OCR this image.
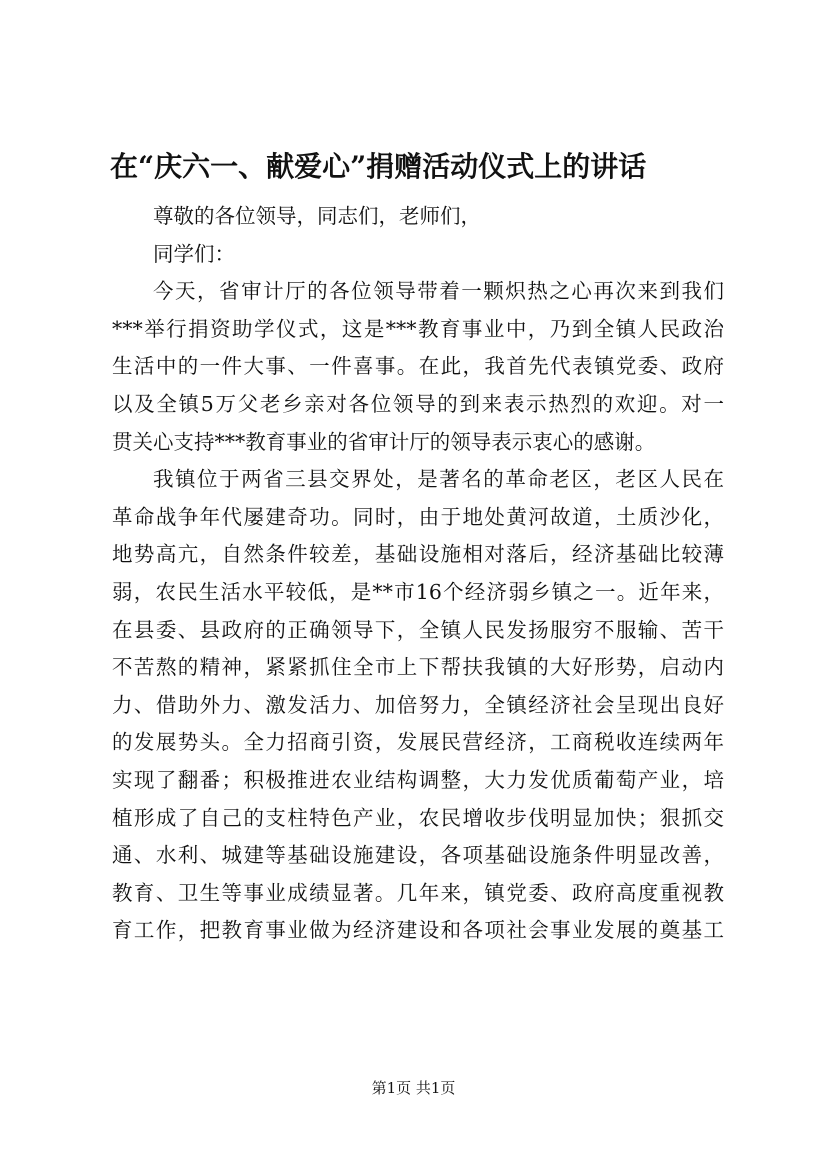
在“庆六一、献爱心”捐赠活动仪式上的讲话
尊敬的各位领导，同志们，老师们，
同学们：
今天，省审计厅的各位领导带着一颗炽热之心再次来到我们
***举行捐资助学仪式，这是***教育事业中，乃到全镇人民政治
生活中的一件大事、一件喜事。在此，我首先代表镇党委、政府
以及全镇5万父老乡亲对各位领导的到来表示热烈的欢迎。对一
贯关心支持***教育事业的省审计厅的领导表示衷心的感谢。
我镇位于两省三县交界处，是著名的革命老区，老区人民在
革命战争年代屡建奇功。同时，由于地处黄河故道，土质沙化，
地势高亢，自然条件较差，基础设施相对落后，经济基础比较薄
弱，农民生活水平较低，是**市16个经济弱乡镇之一。近年来，
在县委、县政府的正确领导下，全镇人民发扬服穷不服输、苦干
不苦熬的精神，紧紧抓住全市上下帮扶我镇的大好形势，启动内
力、借助外力、激发活力、加倍努力，全镇经济社会呈现出良好
的发展势头。全力招商引资，发展民营经济，工商税收连续两年
实现了翻番；积极推进农业结构调整，大力发优质葡萄产业，培
植形成了自己的支柱特色产业，农民增收步伐明显加快；狠抓交
通、水利、城建等基础设施建设，各项基础设施条件明显改善，
教育、卫生等事业成绩显著。几年来，镇党委、政府高度重视教
育工作，把教育事业做为经济建设和各项社会事业发展的奠基工
第1页 共1页
